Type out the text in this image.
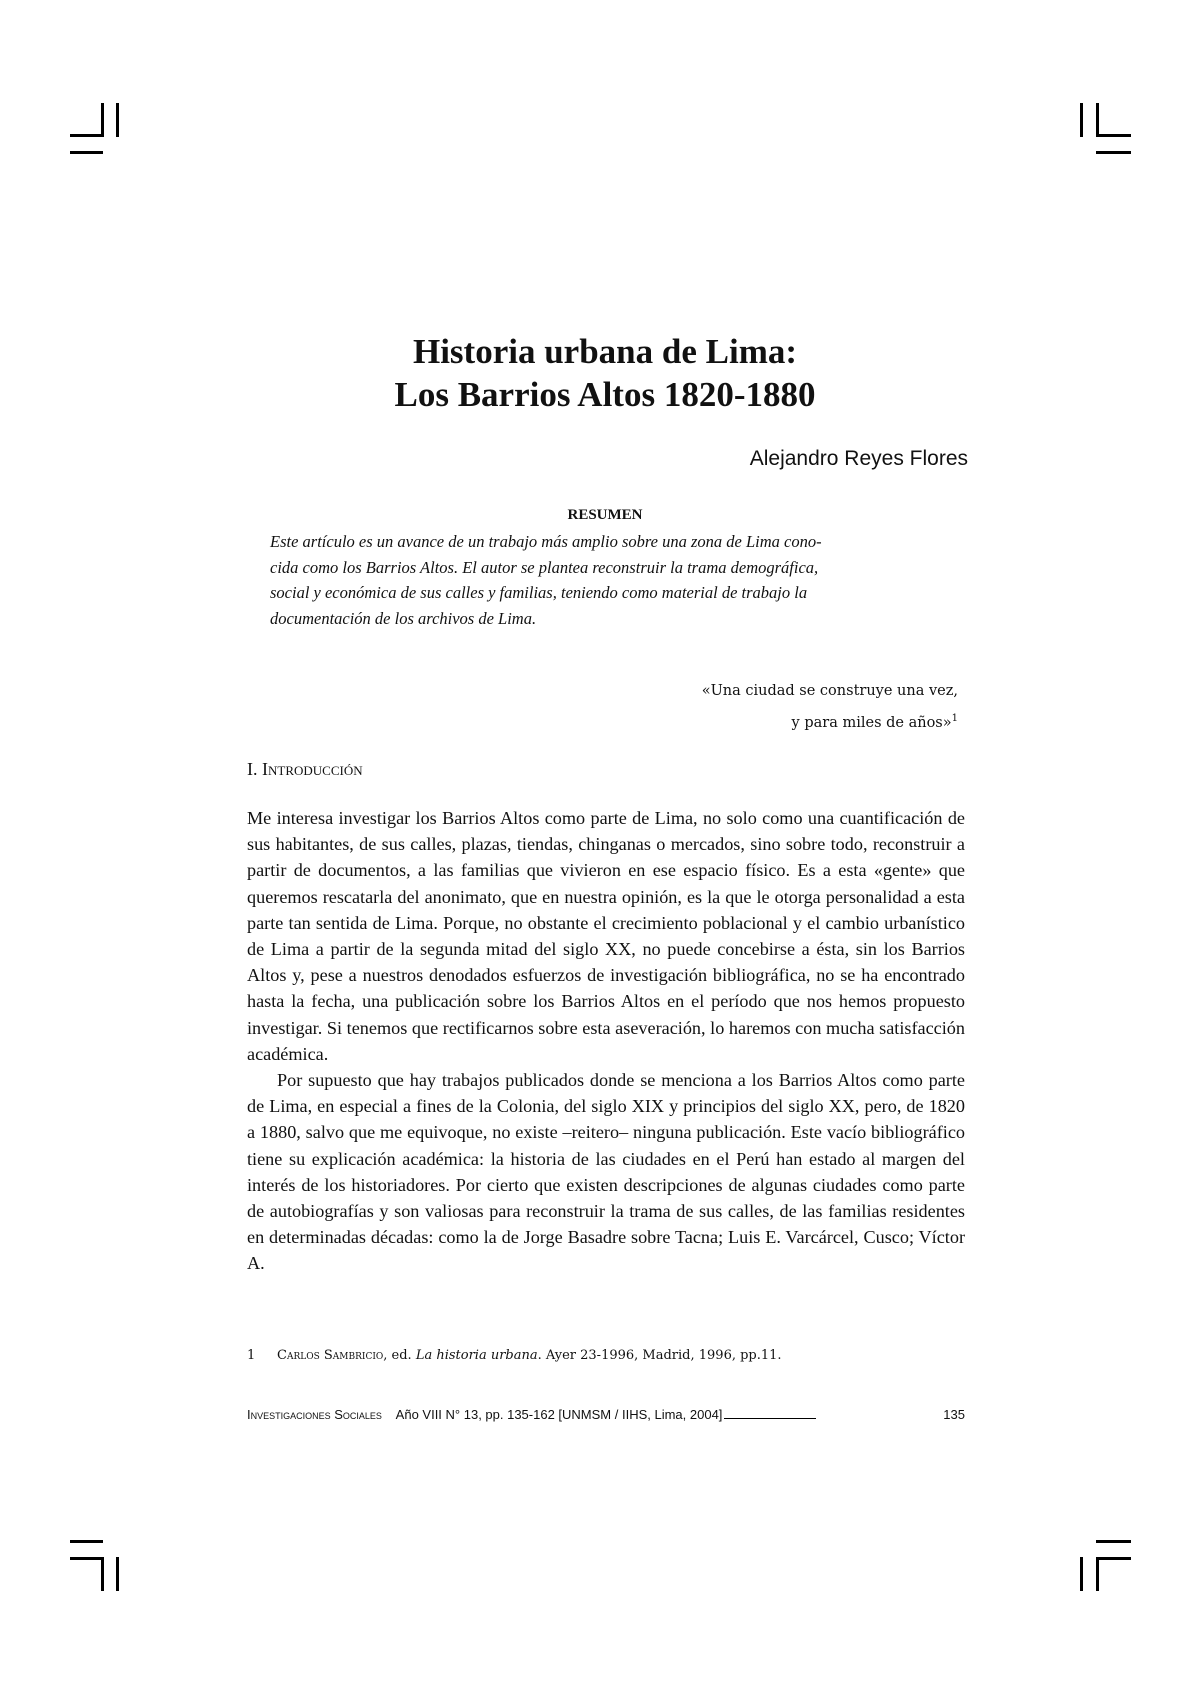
Historia urbana de Lima:
Los Barrios Altos 1820-1880
Alejandro Reyes Flores
RESUMEN

Este artículo es un avance de un trabajo más amplio sobre una zona de Lima cono-
cida como los Barrios Altos. El autor se plantea reconstruir la trama demográfica,
social y económica de sus calles y familias, teniendo como material de trabajo la
documentación de los archivos de Lima.

«Una ciudad se construye una vez,
y para miles de años»$^1$
I. Introducción

Me interesa investigar los Barrios Altos como parte de Lima, no solo como una cuantificación de sus habitantes, de sus calles, plazas, tiendas, chinganas o mercados, sino sobre todo, reconstruir a partir de documentos, a las familias que vivieron en ese espacio físico. Es a esta «gente» que queremos rescatarla del anonimato, que en nuestra opinión, es la que le otorga personalidad a esta parte tan sentida de Lima. Porque, no obstante el crecimiento poblacional y el cambio urbanístico de Lima a partir de la segunda mitad del siglo XX, no puede concebirse a ésta, sin los Barrios Altos y, pese a nuestros denodados esfuerzos de investigación bibliográfica, no se ha encontrado hasta la fecha, una publicación sobre los Barrios Altos en el período que nos hemos propuesto investigar. Si tenemos que rectificarnos sobre esta aseveración, lo haremos con mucha satisfacción académica.

Por supuesto que hay trabajos publicados donde se menciona a los Barrios Altos como parte de Lima, en especial a fines de la Colonia, del siglo XIX y principios del siglo XX, pero, de 1820 a 1880, salvo que me equivoque, no existe –reitero– ninguna publicación. Este vacío bibliográfico tiene su explicación académica: la historia de las ciudades en el Perú han estado al margen del interés de los historiadores. Por cierto que existen descripciones de algunas ciudades como parte de autobiografías y son valiosas para reconstruir la trama de sus calles, de las familias residentes en determinadas décadas: como la de Jorge Basadre sobre Tacna; Luis E. Varcárcel, Cusco; Víctor A.

1 Carlos Sambricio, ed. La historia urbana. Ayer 23-1996, Madrid, 1996, pp.11.
Investigaciones Sociales Año VIII N° 13, pp. 135-162 [UNMSM / IIHS, Lima, 2004]	135
